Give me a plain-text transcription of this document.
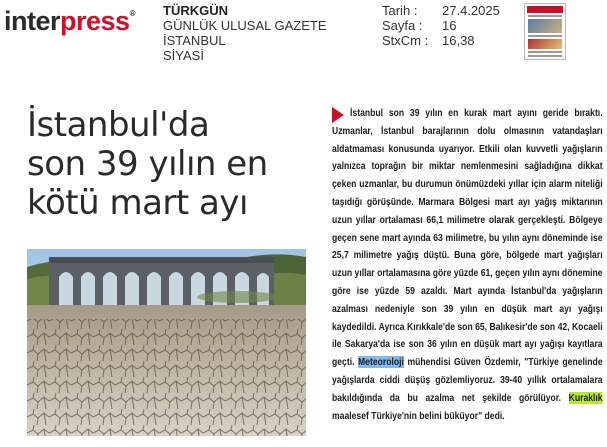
interpress® TÜRKGÜN
GÜNLÜK ULUSAL GAZETE
İSTANBUL
SİYASİ
Tarih :	27.4.2025
Sayfa :	16
StxCm :	16,38
İstanbul'da
son 39 yılın en
kötü mart ayı
İstanbul son 39 yılın en kurak mart ayını geride bıraktı. Uzmanlar, İstanbul barajlarının dolu olmasının vatandaşları aldatmaması konusunda uyarıyor. Etkili olan kuvvetli yağışların yalnızca toprağın bir miktar nemlenmesini sağladığına dikkat çeken uzmanlar, bu durumun önümüzdeki yıllar için alarm niteliği taşıdığı görüşünde. Marmara Bölgesi mart ayı yağış miktarının uzun yıllar ortalaması 66,1 milimetre olarak gerçekleşti. Bölgeye geçen sene mart ayında 63 milimetre, bu yılın aynı döneminde ise 25,7 milimetre yağış düştü. Buna göre, bölgede mart yağışları uzun yıllar ortalamasına göre yüzde 61, geçen yılın aynı dönemine göre ise yüzde 59 azaldı. Mart ayında İstanbul'da yağışların azalması nedeniyle son 39 yılın en düşük mart ayı yağışı kaydedildi. Ayrıca Kırıkkale'de son 65, Balıkesir'de son 42, Kocaeli ile Sakarya'da ise son 36 yılın en düşük mart ayı yağışı kayıtlara geçti. Meteoroloji mühendisi Güven Özdemir, "Türkiye genelinde yağışlarda ciddi düşüş gözlemliyoruz. 39-40 yıllık ortalamalara bakıldığında da bu azalma net şekilde görülüyor. Kuraklık maalesef Türkiye'nin belini büküyor" dedi.
